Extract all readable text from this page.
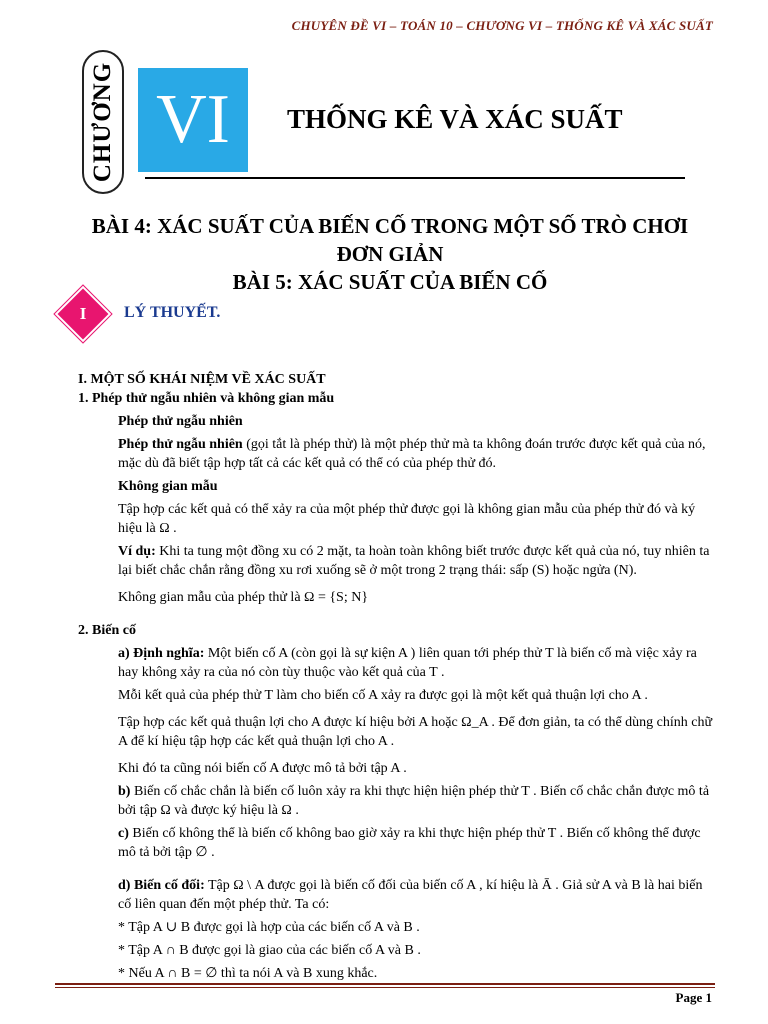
CHUYÊN ĐỀ VI – TOÁN 10 – CHƯƠNG VI – THỐNG KÊ VÀ XÁC SUẤT
CHƯƠNG VI THỐNG KÊ VÀ XÁC SUẤT
BÀI 4: XÁC SUẤT CỦA BIẾN CỐ TRONG MỘT SỐ TRÒ CHƠI
ĐƠN GIẢN
BÀI 5: XÁC SUẤT CỦA BIẾN CỐ
I	LÝ THUYẾT.

I. MỘT SỐ KHÁI NIỆM VỀ XÁC SUẤT

1. Phép thử ngẫu nhiên và không gian mẫu

Phép thử ngẫu nhiên

Phép thử ngẫu nhiên (gọi tắt là phép thử) là một phép thử mà ta không đoán trước được kết quả của nó, mặc dù đã biết tập hợp tất cả các kết quả có thể có của phép thử đó.

Không gian mẫu

Tập hợp các kết quả có thể xảy ra của một phép thử được gọi là không gian mẫu của phép thử đó và ký hiệu là Ω .

Ví dụ: Khi ta tung một đồng xu có 2 mặt, ta hoàn toàn không biết trước được kết quả của nó, tuy nhiên ta lại biết chắc chắn rằng đồng xu rơi xuống sẽ ở một trong 2 trạng thái: sấp (S) hoặc ngửa (N).

Không gian mẫu của phép thử là Ω = {S; N}

2. Biến cố

a) Định nghĩa: Một biến cố A (còn gọi là sự kiện A ) liên quan tới phép thử T là biến cố mà việc xảy ra hay không xảy ra của nó còn tùy thuộc vào kết quả của T .

Mỗi kết quả của phép thử T làm cho biến cố A xảy ra được gọi là một kết quả thuận lợi cho A .

Tập hợp các kết quả thuận lợi cho A được kí hiệu bởi A hoặc Ω_A . Để đơn giản, ta có thể dùng chính chữ A để kí hiệu tập hợp các kết quả thuận lợi cho A .

Khi đó ta cũng nói biến cố A được mô tả bởi tập A .

b) Biến cố chắc chắn là biến cố luôn xảy ra khi thực hiện hiện phép thử T . Biến cố chắc chắn được mô tả bởi tập Ω và được ký hiệu là Ω .

c) Biến cố không thể là biến cố không bao giờ xảy ra khi thực hiện phép thử T . Biến cố không thể được mô tả bởi tập ∅ .

d) Biến cố đối: Tập Ω \ A được gọi là biến cố đối của biến cố A , kí hiệu là Ā . Giả sử A và B là hai biến cố liên quan đến một phép thử. Ta có:

* Tập A ∪ B được gọi là hợp của các biến cố A và B .

* Tập A ∩ B được gọi là giao của các biến cố A và B .

* Nếu A ∩ B = ∅ thì ta nói A và B xung khắc.

Page 1
